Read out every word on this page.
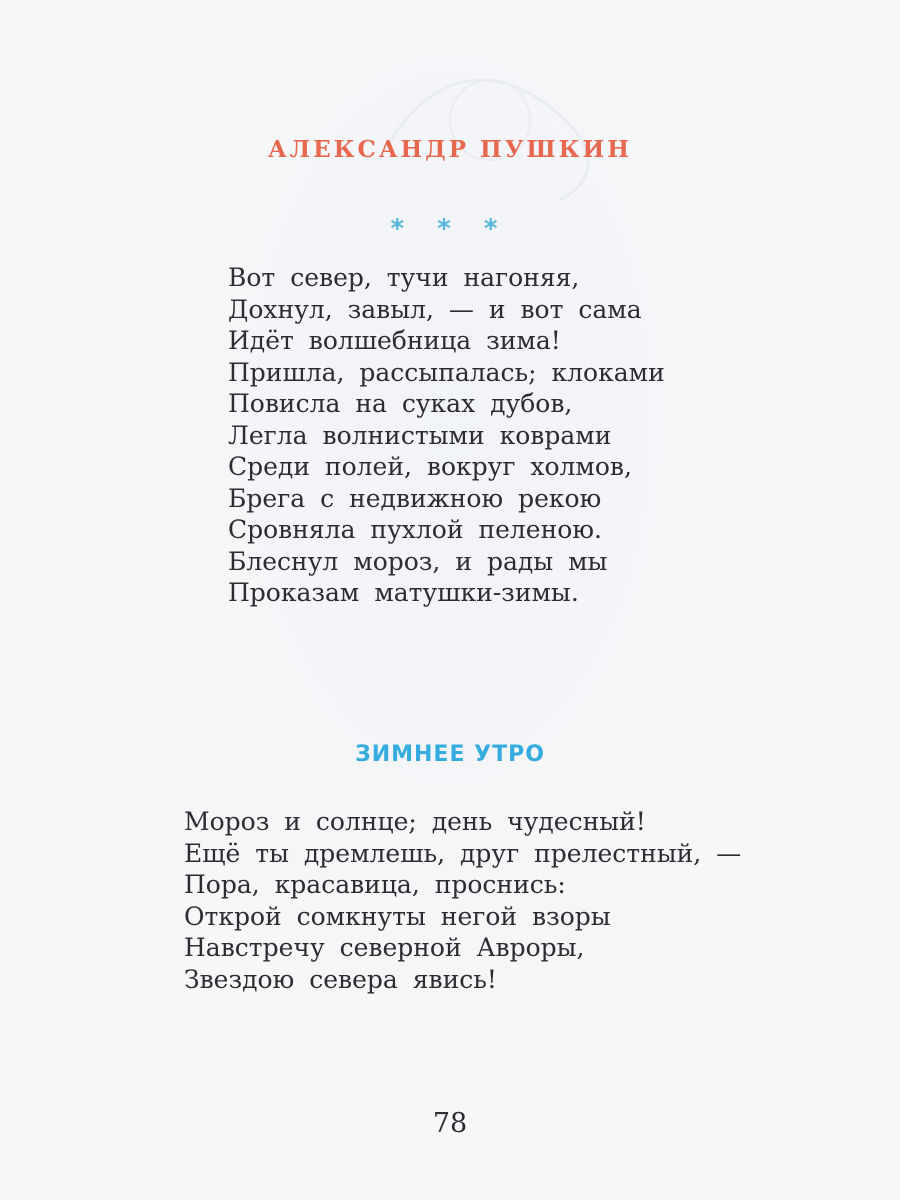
АЛЕКСАНДР ПУШКИН
* * *
Вот север, тучи нагоняя,
Дохнул, завыл, — и вот сама
Идёт волшебница зима!
Пришла, рассыпалась; клоками
Повисла на суках дубов,
Легла волнистыми коврами
Среди полей, вокруг холмов,
Брега с недвижною рекою
Сровняла пухлой пеленою.
Блеснул мороз, и рады мы
Проказам матушки-зимы.
ЗИМНЕЕ УТРО
Мороз и солнце; день чудесный!
Ещё ты дремлешь, друг прелестный, —
Пора, красавица, проснись:
Открой сомкнуты негой взоры
Навстречу северной Авроры,
Звездою севера явись!
78
